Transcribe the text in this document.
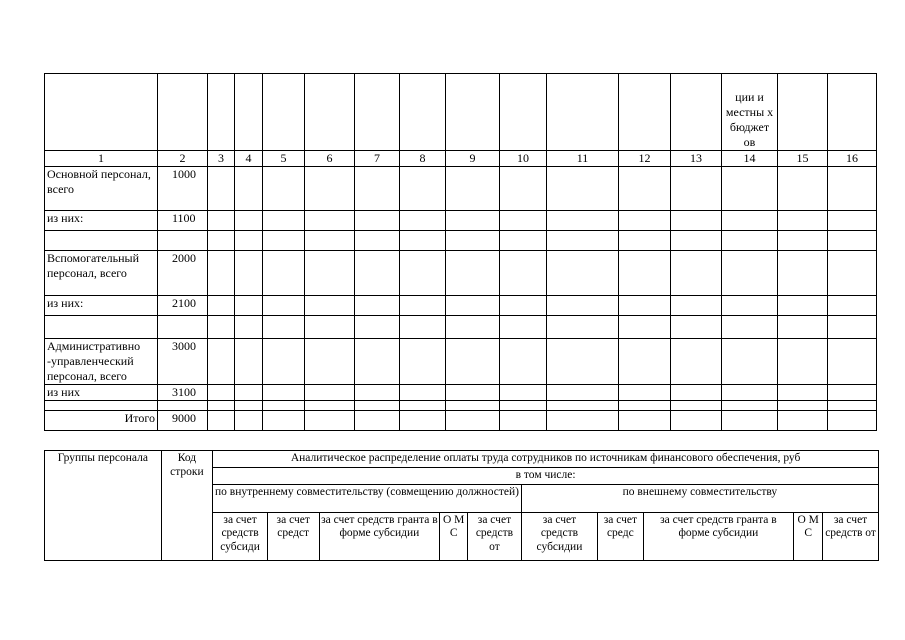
													ции и местны х бюджет ов		
1	2	3	4	5	6	7	8	9	10	11	12	13	14	15	16
Основной персонал, всего	1000														
из них:	1100														

Вспомогательный персонал, всего	2000														
из них:	2100														

Административно -управленческий персонал, всего	3000														
из них	3100														

Итого	9000														
Группы персонала	Код строки	Аналитическое распределение оплаты труда сотрудников по источникам финансового обеспечения, руб									
		в том числе:									
		по внутреннему совместительству (совмещению должностей)					по внешнему совместительству				
		за счет средств субсиди	за счет средст	за счет средств гранта в форме субсидии	О М С	за счет средств от	за счет средств субсидии	за счет средс	за счет средств гранта в форме субсидии	О М С	за счет средств от
